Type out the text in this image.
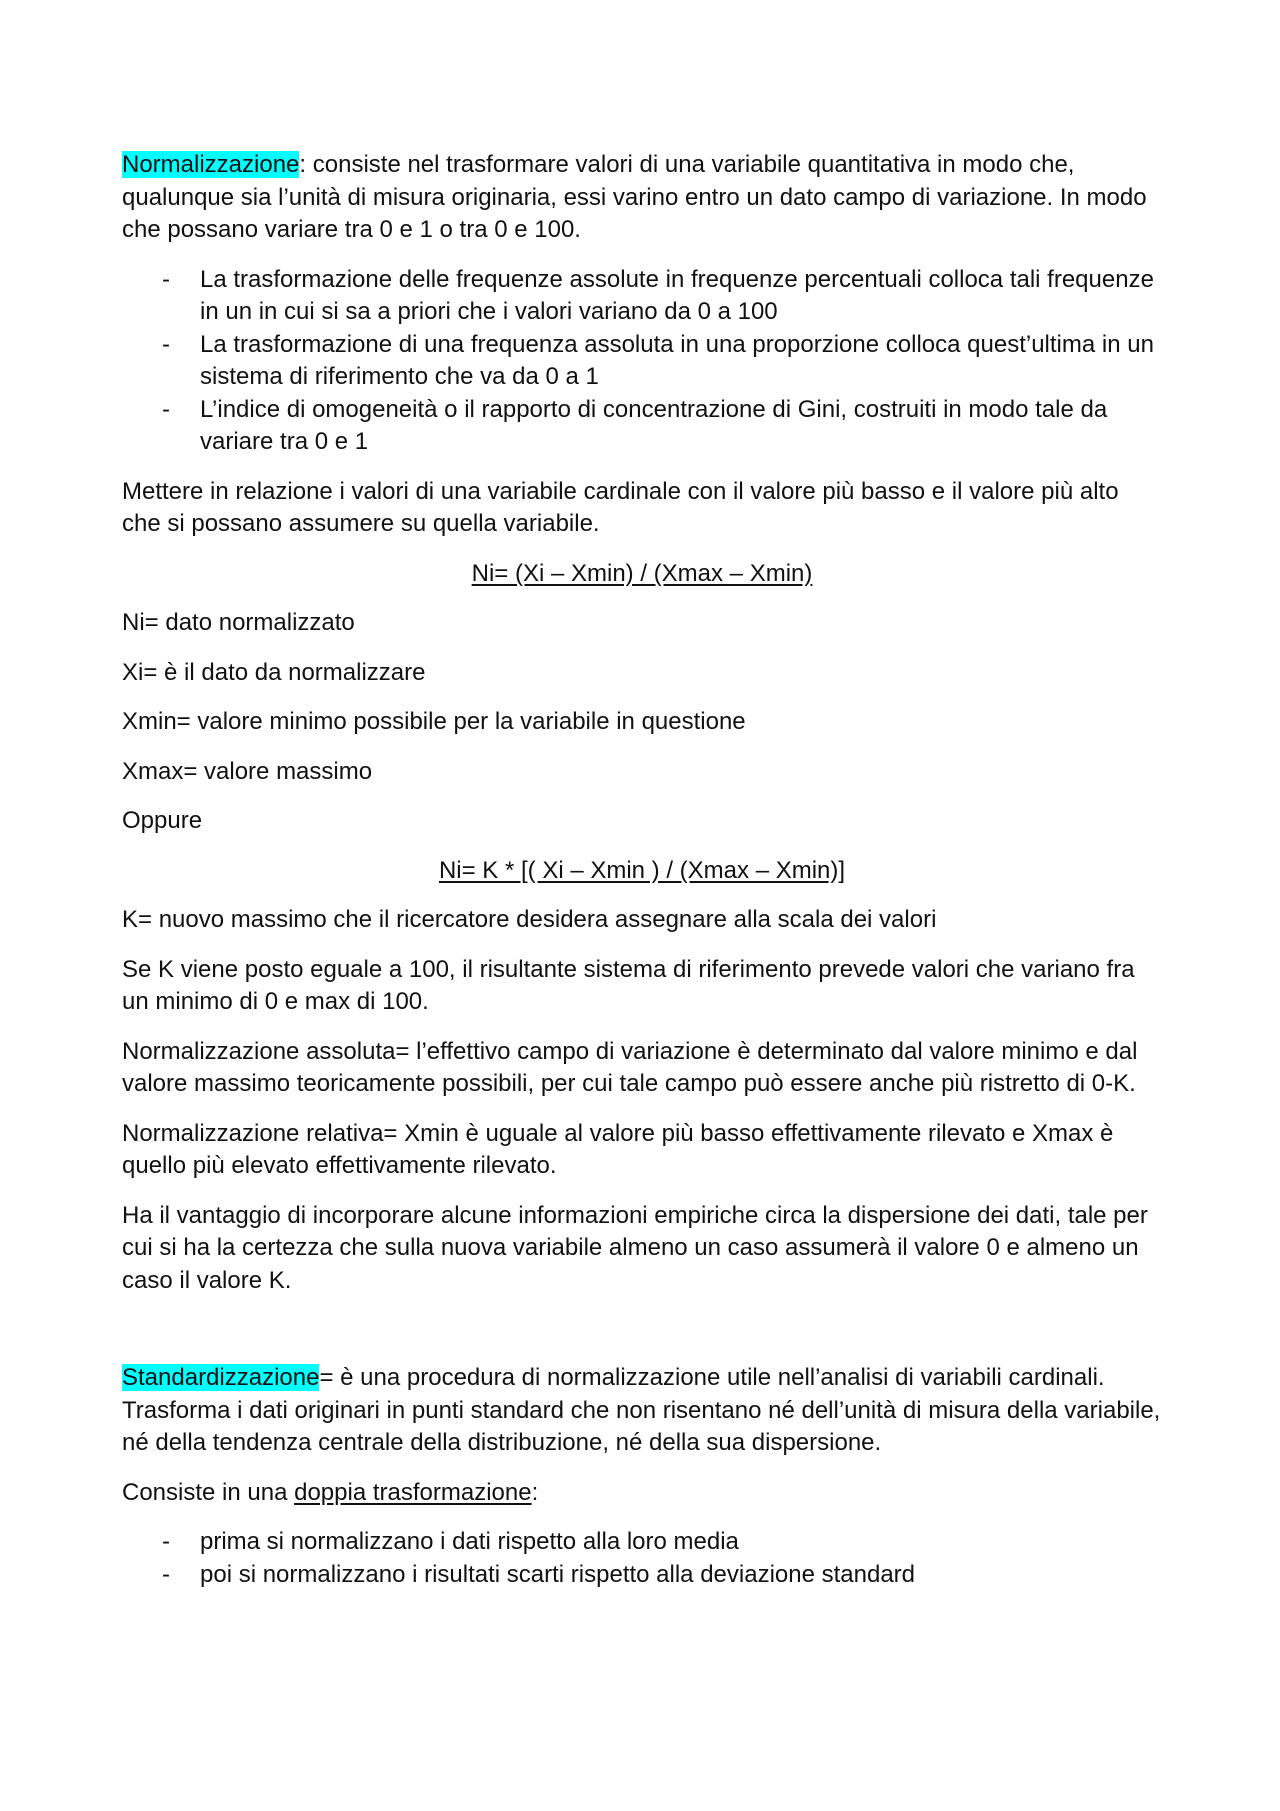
Normalizzazione: consiste nel trasformare valori di una variabile quantitativa in modo che, qualunque sia l’unità di misura originaria, essi varino entro un dato campo di variazione. In modo che possano variare tra 0 e 1 o tra 0 e 100.

- La trasformazione delle frequenze assolute in frequenze percentuali colloca tali frequenze in un in cui si sa a priori che i valori variano da 0 a 100
- La trasformazione di una frequenza assoluta in una proporzione colloca quest’ultima in un sistema di riferimento che va da 0 a 1
- L’indice di omogeneità o il rapporto di concentrazione di Gini, costruiti in modo tale da variare tra 0 e 1

Mettere in relazione i valori di una variabile cardinale con il valore più basso e il valore più alto che si possano assumere su quella variabile.

Ni= (Xi – Xmin) / (Xmax – Xmin)

Ni= dato normalizzato

Xi= è il dato da normalizzare

Xmin= valore minimo possibile per la variabile in questione

Xmax= valore massimo

Oppure

Ni= K * [( Xi – Xmin ) / (Xmax – Xmin)]

K= nuovo massimo che il ricercatore desidera assegnare alla scala dei valori

Se K viene posto eguale a 100, il risultante sistema di riferimento prevede valori che variano fra un minimo di 0 e max di 100.

Normalizzazione assoluta= l’effettivo campo di variazione è determinato dal valore minimo e dal valore massimo teoricamente possibili, per cui tale campo può essere anche più ristretto di 0-K.

Normalizzazione relativa= Xmin è uguale al valore più basso effettivamente rilevato e Xmax è quello più elevato effettivamente rilevato.

Ha il vantaggio di incorporare alcune informazioni empiriche circa la dispersione dei dati, tale per cui si ha la certezza che sulla nuova variabile almeno un caso assumerà il valore 0 e almeno un caso il valore K.

Standardizzazione= è una procedura di normalizzazione utile nell’analisi di variabili cardinali. Trasforma i dati originari in punti standard che non risentano né dell’unità di misura della variabile, né della tendenza centrale della distribuzione, né della sua dispersione.

Consiste in una doppia trasformazione:

- prima si normalizzano i dati rispetto alla loro media
- poi si normalizzano i risultati scarti rispetto alla deviazione standard
